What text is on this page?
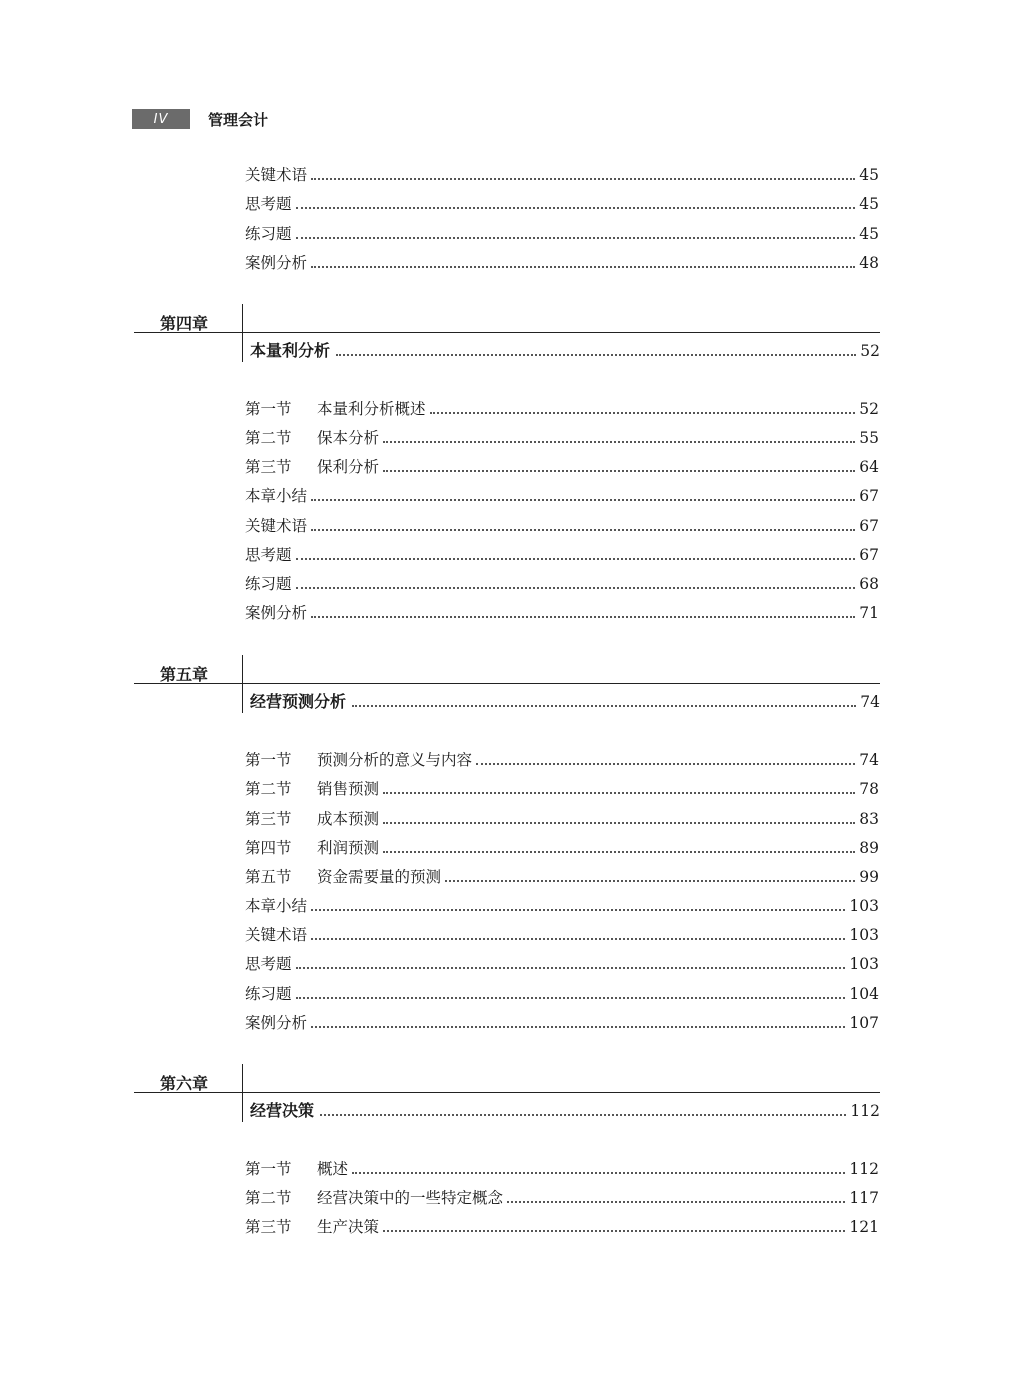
IV	管理会计
关键术语	45
思考题	45
练习题	45
案例分析	48
第四章
本量利分析	52
第一节 本量利分析概述	52
第二节 保本分析	55
第三节 保利分析	64
本章小结	67
关键术语	67
思考题	67
练习题	68
案例分析	71
第五章
经营预测分析	74
第一节 预测分析的意义与内容	74
第二节 销售预测	78
第三节 成本预测	83
第四节 利润预测	89
第五节 资金需要量的预测	99
本章小结	103
关键术语	103
思考题	103
练习题	104
案例分析	107
第六章
经营决策	112
第一节 概述	112
第二节 经营决策中的一些特定概念	117
第三节 生产决策	121
